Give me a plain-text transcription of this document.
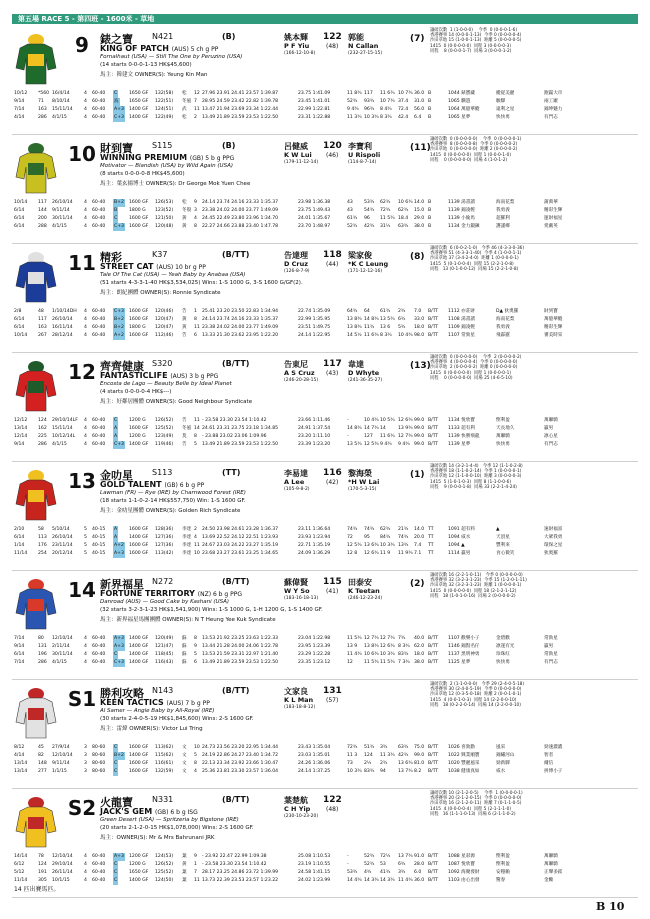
第五場 RACE 5 - 第四班 - 1600米 - 草地
9	錶之寶 N421	(B)
KING OF PATCH (AUS) 5 ch g PP
Fornalhaut (USA) — Still The One by Peruzino (USA)
(14 starts 0-0-0-1-13 HK$45,600)
馬主：韓建文 OWNER(S): Yeung Kin Man
姚本輝
P F Yiu
(166-12-10-8)
122
(48)
郭能
N Callan
(232-27-15-15)
(7)
讓磅次數  1 (1-0-0-0)    今季  0 (0-0-0-1-6)
香港賽事 14 (0-0-0-1-13)  今季 0 (0-0-0-0-4)
沙田草地 15 (1-0-0-1-13)  距離 5 (0-0-0-0-5)
1415  0 (0-0-0-0-0)  同程 3 (0-0-0-0-3)
同程    8 (0-0-0-1-7)  同場 3 (0-0-0-1-2)
10/12 *560 16/4/14	4 60-40 C	1650 GF 132(58) 松 12 27.96 23.91 24.41 23.57 1:39.87	23.75 1:41.09	11 8¾ 117 11 6¾ 10 7¾ 36.0 B	1044 錶寶藏	縱從美麗	跑贏大市
9/14	71 8/10/14	4 60-40 波 1650 GF 122(51) 冬風 7 28.95 24.59 23.42 22.82 1:39.78	23.45 1:41.01	52¾ 93¾ 10 7¾ 37.4 31.0 B	1065 驥遊	駿驛	兩工厰
7/14	163 15/11/14 4 60-40 A+3 1400 GF 124(51) 武 11 13.47 21.94 23.69 23.34 1:22.44	22.99 1:22.81	9 4¾ 96¾ 8 4¾ 72.4 56.0 B	1064 萬億華縱	遠利之星	錦坤魅力
4/14	286 4/1/15	4 60-40 C+3 1400 GF 122(49) 松 2 13.49 21.89 23.59 23.53 1:22.50	23.31 1:22.88	11 3¾ 10 3¾ 8 3¾ 42.4 6.4 B	1065 星夢	快快勇	有門志
10 財到寶 S115	(B)
WINNING PREMIUM (GB) 5 b g PPG
Motivator — Blandish (USA) by Wild Again (USA)
(8 starts 0-0-0-0-8 HK$45,600)
馬主：葉玄揚博士 OWNER(S): Dr George Mok Yuen Chee
呂健威
K W Lui
(179-11-12-14)
120
(46)
李寶利
U Rispoli
(114-8-7-14)
(11)
讓磅次數  0 (0-0-0-0-0)    今季  0 (0-0-0-0-1)
香港賽事  8 (0-0-0-0-8)  今季 0 (0-0-0-0-2)
沙田草地  0 (0-0-0-0-0)  距離 2 (0-0-0-0-2)
1415  0 (0-0-0-0-0)  同程 1 (0-0-0-1-0)
同程    0 (0-0-0-0-0)  同場 4 (1-0-1-2)
10/14 117 26/10/14 4 60-40 B+2 1600 GF 126(53) 松 9 24.14 23.74 24.16 23.33 1:35.37	23.98 1:36.38	43 53¾ 62¾ 10 6¾ 14.0 B	1139 湯書讀	海南花梨	蒲萬華
6/14	144 9/11/14	4 60-40 B	1800 G 123(52) 冬殷 3 23.38 24.02 24.00 23.77 1:49.09	23.75 1:49.43	43 54¾ 72¾ 62¾ 15.0 B	1139 錦凌輕	我勇義	精彩生輝
6/14	200 30/11/14 4 60-40 C	1600 GF 121(50) 黃 4 24.45 22.49 23.80 23.96 1:34.70	24.01 1:35.67	61¾ 96 11 5¾ 18.4 29.0 B	1139 小偷馬	超羅利	運財福星
6/14	288 4/1/15	4 60-40 C+3 1600 GF 120(48) 黃 8 22.27 24.66 23.88 23.40 1:47.78	23.70 1:48.97	52¾ 42¾ 31½ 63¾ 38.0 B	1134 金力鍛鍊	護謹鄉	愛戴英
11 精彩	K37	(B/TT)
STREET CAT (AUS) 10 br g PP
Tale Of The Cat (USA) — Yeah Baby by Anabaa (USA)
(51 starts 4-3-3-1-40 HK$3,534,025) Wins: 1-S 1000 G, 3-S 1600 G/GF(2).
馬主：朗紀團體 OWNER(S): Ronnie Syndicate
告達理
D Cruz
(126-8-7-9)
118
(44)
梁家俊
*K C Leung
(171-12-12-16)
(8)
讓磅次數  6 (0-0-2-1-0)   今季 46 (4-3-3-0-36)
香港賽事 51 (4-3-3-1-40)  今季 4 (1-0-0-1-1)
沙田草地 37 (3-4-2-4-0)  距離 1 (0-0-0-0-1)
1415  5 (0-1-0-0-4)  同程 15 (2-2-1-0-8)
同程   13 (0-1-0-0-12)  同場 15 (2-2-1-0-8)
2/8	48 1/10/14DH 4 60-40 C+3 1600 GF 120(46) 告 1 25.41 23.20 23.50 22.83 1:34.94	22.74 1:35.09	64¾ 64 61¾ 2¾ 7.0 B/TT 1112 亦莊財	D▲ 狄奧羅	財到寶
6/14	117 26/10/14 4 60-40 B+2 1600 GF 120(47) 黃 8 24.14 23.74 24.16 23.33 1:35.37	22.99 1:35.95	13 8¾ 14 8¾ 13 5¾ 6¾ 33.0 B/TT 1108 湯書讀	海南花梨	萬億華縱
6/14	163 16/11/14 4 60-40 B+2 1800 G 120(47) 黃 11 23.38 24.02 24.00 23.77 1:49.09	23.51 1:49.75	13 8¾ 11¾ 13 6 5¾ 18.0 B/TT 1109 錦凌輕	我勇義	精彩生輝
10/14 267 28/12/14 4 60-40 A+2 1600 GF 112(46) 告 6 13.33 21.30 23.62 23.95 1:22.20	24.14 1:22.95	14 5½ 11 6¾ 8 3¾ 10 4¾ 98.0 B/TT 1107 常勁星	飛霹靂	審美時采
12 齊齊健康 S320	(B/TT)
FANTASTICLIFE (AUS) 3 b g PPG
Encosta de Lago — Beauty Belle by Ideal Planet
(4 starts 0-0-0-0-4 HK$---)
馬主：好鄰居團體 OWNER(S): Good Neighbour Syndicate
告東尼
A S Cruz
(246-20-28-15)
117
(43)
韋達
D Whyte
(241-36-35-27)
(13)
讓磅次數  0 (0-0-0-0-0)    今季  2 (0-0-0-0-2)
香港賽事  4 (0-0-0-0-4)  今季 0 (0-0-0-0-0)
沙田草地  2 (0-0-0-0-2)  距離 0 (0-0-0-0-0)
1415  0 (0-0-0-0-0)  同程 1 (0-0-0-0-1)
同程    0 (0-0-0-0-0)  同場 25 (4-6-5-10)
12/12 124 29/10/14LF 4 60-40 C	1200 G 126(52) 告 11 - 23.58 23.30 23.54 1:10.42	23.66 1:11.46	-	10 4¾ 10 5¾ 12 6¾ 99.0 B/TT 1134 悅欣寶	慳利盈	萬聯騎
13/14 162 15/11/14 4 60-40 A	1600 GF 125(52) 冬風 14 24.61 23.31 23.75 23.18 1:34.85	24.91 1:37.54	14 8¾ 14 7¾ 14	13 9¾ 99.0 B/TT 1133 超有利	天長地久	贏男
12/14 225 10/12/14L 4 60-40 A	1200 G 123(49) 莫 8 - 23.88 23.02 23.06 1:09.96	23.20 1:11.10	-	127 11 6¾ 12 7¾ 99.0 B/TT 1139 快勝飛龍	萬聯騎	凛心星
9/14	286 4/1/15	4 60-40 C+3 1400 GF 119(46) 告 5 13.49 21.89 23.59 23.53 1:22.50	23.39 1:23.20	13 5¾ 12 5¾ 9 4¾ 9 4¾ 99.0 B/TT 1139 星夢	快快勇	有門志
13 金叻星 S113	(TT)
GOLD TALENT (GB) 6 b g PP
Lawman (FR) — Rye (IRE) by Charnwood Forest (IRE)
(18 starts 1-1-0-2-14 HK$557,750) Win: 1-S 1600 GF.
馬主：金叻星團體 OWNER(S): Golden Rich Syndicate
李易達
A Lee
(105-9-8-2)
116
(42)
黎海榮
*H W Lai
(170-5-3-15)
(1)
讓磅次數 14 (3-2-1-4-4)   今季 12 (1-1-0-2-8)
香港賽事 18 (1-1-0-2-14)  今季 1 (0-0-0-0-1)
沙田草地 12 (1-1-0-0-10)  距離 3 (0-0-0-0-3)
1415  5 (1-0-1-0-3)  同程 8 (1-1-0-0-6)
同程    9 (0-0-0-1-8)  同場 33 (2-2-1-4-24)
2/10	58 5/10/14	5 40-15 A	1600 GF 128(36) 李達 2 24.50 23.98 24.61 23.28 1:36.37	23.11 1:36.64	74¾ 74¾ 62¾ 21¾ 14.0 TT	1091 超有料	▲	速財福富
6/14	113 26/10/14 5 40-15 A	1400 GF 127(36) 李達 4 13.69 22.52 24.12 22.51 1:23.93	23.93 1:23.94	72 95 84¾ 74¾ 20.0 TT	1094 威水	天頂星	大眾我勇
1/14	176 23/11/14 5 40-15 A+2 1600 GF 127(36) 李達 11 24.67 23.03 24.22 23.27 1:35.19	22.71 1:35.19	12 5¾ 13 6¾ 10 3¾ 13¾ 7.4 TT	1094 ▲	豐利來	環保之星
11/14 254 20/12/14 5 40-15 A+3 1600 GF 113(42) 李達 10 23.68 23.27 23.61 23.25 1:34.65	24.09 1:36.29	12 8 12 6¾ 11 9 11 9¾ 7.1 TT	1114 贏男	食心微笑	狄奧羅
14 新界福星 N272	(B/TT)
FORTUNE TERRITORY (NZ) 6 b g PPG
Danroad (AUS) — Good Cake by Kashani (USA)
(32 starts 3-2-3-1-23 HK$1,541,900) Wins: 1-S 1000 G, 1-H 1200 G, 1-S 1400 GF.
馬主：新界福星馬團團體 OWNER(S): N T Heung Yee Kuk Syndicate
蘇偉賢
W Y So
(183-16-18-13)
115
(41)
田泰安
K Teetan
(246-12-23-24)
(2)
讓磅次數 16 (2-2-1-0-11)   今季 0 (0-0-0-0-0)
香港賽事 32 (3-2-3-1-23)  今季 15 (1-2-0-1-11)
沙田草地 32 (3-2-3-1-23)  距離 1 (0-0-0-0-1)
1415  0 (0-0-0-0-0)  同程 18 (2-1-2-1-12)
同程   18 (1-0-1-0-16)  同場 2 (0-0-0-0-2)
7/14	80 12/10/14 4 60-40 A+3 1400 GF 120(49) 蘇 8 13.53 21.92 23.25 23.63 1:22.33	23.04 1:22.98	11 5¾ 12 7¾ 12 7¾ 7¾ 40.0 B/TT 1107 歡樂小子	金碧歡	常勁星
9/14	131 2/11/14	4 60-40 A+3 1400 GF 121(47) 蘇 9 13.44 21.28 24.00 24.06 1:22.78	23.95 1:23.39	13 9 13 8¾ 12 6¾ 8 3¾ 62.0 B/TT 1146 錦賢名仔	凛遂有光	贏男
6/14	196 30/11/14 4 60-40 C	1400 GF 118(45) 蘇 5 13.53 21.59 23.31 22.97 1:21.40	23.29 1:22.28	11 4¾ 10 6¾ 10 3¾ 83¾ 18.0 B/TT 1137 黑明神勇	珍珠紅	常勁星
7/14	286 4/1/15	4 60-40 C+3 1400 GF 116(43) 蘇 6 13.49 21.89 23.59 23.53 1:22.50	23.35 1:23.12	12 11 5¾ 11 5¾ 7 3¾ 38.0 B/TT 1125 星夢	快快勇	有門志
S1 勝利攻略 N143	(B/TT)
KEEN TACTICS (AUS) 7 b g PP
Al Samer — Angie Baby by All-Royal (IRE)
(30 starts 2-4-0-5-19 HK$1,845,600) Wins: 2-S 1600 GF.
馬主：雷煒 OWNER(S): Victor Lui Tring
文家良
K L Man
(183-18-8-12)
131
(57)
讓磅次數  2 (1-1-0-0-0)   今季 29 (2-4-0-5-18)
香港賽事 30 (2-4-0-5-19)  今季 0 (0-0-0-0-0)
沙田草地 12 (0-3-5-0-18)  距離 2 (0-0-1-0-1)
1415  4 (0-0-1-0-3)  同程 14 (2-2-0-0-10)
同程   18 (0-2-2-0-14)  同場 14 (2-2-0-0-10)
8/12	45 27/9/14	3 80-60 C	1600 GF 113(62) 文 10 24.73 23.56 23.20 22.95 1:34.44	23.43 1:35.04	72¾ 51¾ 3¾ 63¾ 75.0 B/TT 1026 喜勁勳	風采	勁速濃濃
4/14	82 12/10/14 3 80-60 B+2 1400 GF 115(62) 文 5 24.19 22.86 24.27 23.40 1:34.72	23.03 1:35.01	11 3 124 11 3¾ 42¾ 99.0 B/TT 1022 興業順寶	錦繡河山	智者
13/14 148 9/11/14	3 80-60 C	1600 GF 116(61) 文 8 22.13 23.34 23.92 23.66 1:30.47	24.26 1:36.06	73 2½ 2¾ 13 6¾ 81.0 B/TT 1020 豐麗風采	勁新驛	爾信
13/14 277 1/1/15	3 80-60 C	1600 GF 132(59) 文 4 25.36 23.81 23.30 23.57 1:36.04	24.14 1:37.25	10 3¾ 83¾ 94	13 7¾ 8.2 B/TT 1038 健康真如	威水	拼博小子
S2 火龍寶 N331	(B/TT)
JACK'S GEM (GB) 6 b g ISG
Green Desert (USA) — Spritzeria by Bigstone (IRE)
(20 starts 2-1-2-0-15 HK$1,078,000) Wins: 2-S 1600 GF.
馬主：OWNER(S): Mr & Mrs Bahrunani JRK
葉楚航
C H Yip
(230-10-23-20)
122
(48)
讓磅次數 10 (2-1-2-0-5)    今季  1 (0-0-0-0-1)
香港賽事 20 (2-1-2-0-15)  今季 0 (0-0-0-0-0)
沙田草地 16 (2-1-2-0-11)  距離 7 (0-1-1-0-5)
1415  4 (0-0-0-0-4)  同程 5 (2-1-1-1-0)
同程   16 (1-1-1-0-13)  同場 6 (2-1-1-0-2)
14/14 78 12/10/14 4 60-40 A+3 1200 GF 124(53) 葉 9 - 23.92 22.47 22.99 1:09.38	25.08 1:10.53	-	52¾ 72½ 13 7¾ 91.0 B/TT 1088 星彩源	慳利盈	萬聯騎
6/12	124 29/10/14 4 60-40 C	1200 G 126(52) 黃 1 - 23.58 23.30 23.54 1:10.42	23.19 1:10.55	-	52¾ 53	6¾ 28.0 B/TT 1087 悅欣寶	慳利盈	萬聯騎
5/12	191 26/11/14 4 60-40 C	1650 GF 125(52) 葉 7 28.17 23.25 24.86 23.72 1:39.99	24.58 1:41.15	53¾ 4¾ 41¾ 3¾ 6.0 B/TT 1092 海聚發財	安穩賴	正聲多鎂
11/14 305 10/1/15	4 60-40 C	1400 GF 124(50) 葉 11 13.73 22.39 23.53 23.57 1:23.22	24.02 1:23.99	14 4¾ 14 3¾ 14 3¾ 11 4¾ 36.0 B/TT 1103 由心出發	驚春	金勵
14 匹出賽馬匹。
B 10
